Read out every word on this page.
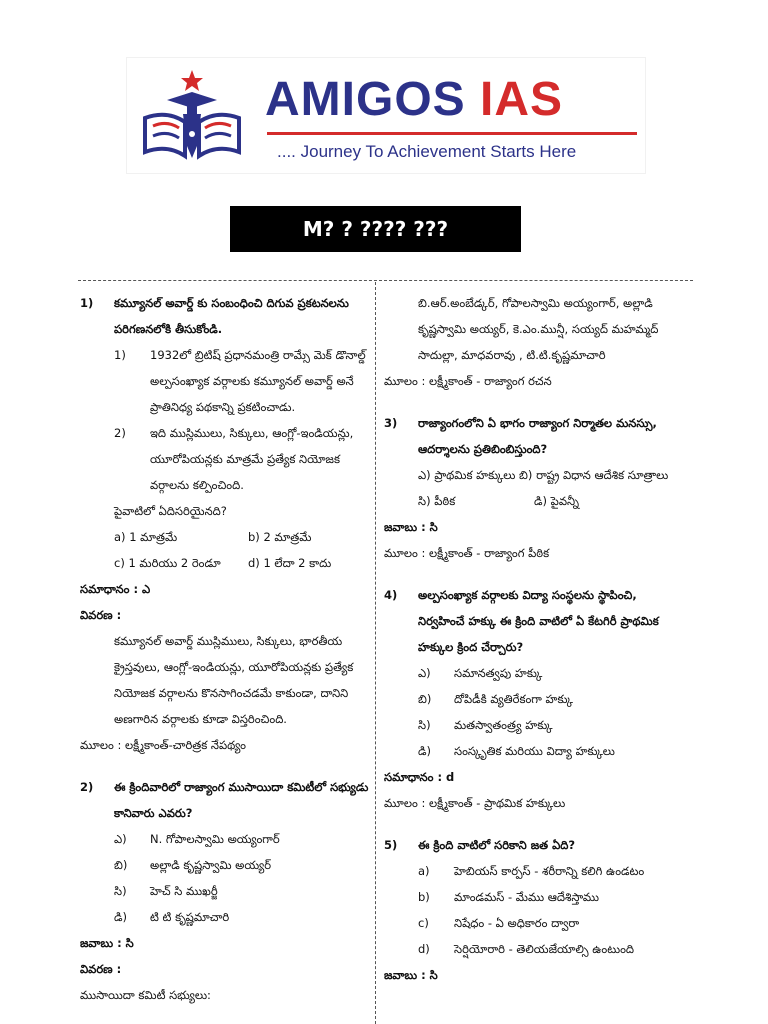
AMIGOS IAS
.... Journey To Achievement Starts Here
M? ? ???? ???
1) కమ్యూనల్ అవార్డ్ కు సంబంధించి దిగువ ప్రకటనలను
పరిగణనలోకి తీసుకోండి.
1) 1932లో బ్రిటిష్ ప్రధానమంత్రి రామ్సే మెక్ డొనాల్డ్
అల్పసంఖ్యాక వర్గాలకు కమ్యూనల్ అవార్డ్ అనే
ప్రాతినిధ్య పథకాన్ని ప్రకటించాడు.
2) ఇది ముస్లిములు, సిక్కులు, ఆంగ్లో-ఇండియన్లు,
యూరోపియన్లకు మాత్రమే ప్రత్యేక నియోజక
వర్గాలను కల్పించింది.
పైవాటిలో ఏదిసరియైనది?
a) 1 మాత్రమే	b) 2 మాత్రమే
c) 1 మరియు 2 రెండూ d) 1 లేదా 2 కాదు
సమాధానం : ఎ
వివరణ :
కమ్యూనల్ అవార్డ్ ముస్లిములు, సిక్కులు, భారతీయ
క్రైస్తవులు, ఆంగ్లో-ఇండియన్లు, యూరోపియన్లకు ప్రత్యేక
నియోజక వర్గాలను కొనసాగించడమే కాకుండా, దానిని
అణగారిన వర్గాలకు కూడా విస్తరించింది.
మూలం : లక్ష్మీకాంత్-చారిత్రక నేపథ్యం
2) ఈ క్రిందివారిలో రాజ్యాంగ ముసాయిదా కమిటీలో సభ్యుడు
కానివారు ఎవరు?
ఎ) N. గోపాలస్వామి అయ్యంగార్
బి) అల్లాడి కృష్ణస్వామి అయ్యర్
సి) హెచ్ సి ముఖర్జీ
డి) టి టి కృష్ణమాచారి
జవాబు : సి
వివరణ :
ముసాయిదా కమిటీ సభ్యులు:
బి.ఆర్.అంబేడ్కర్, గోపాలస్వామి అయ్యంగార్, అల్లాడి
కృష్ణస్వామి అయ్యర్, కె.ఎం.మున్షీ, సయ్యద్ మహమ్మద్
సాదుల్లా, మాధవరావు , టి.టి.కృష్ణమాచారి
మూలం : లక్ష్మీకాంత్ - రాజ్యాంగ రచన
3) రాజ్యాంగంలోని ఏ భాగం రాజ్యాంగ నిర్మాతల మనస్సు,
ఆదర్శాలను ప్రతిబింబిస్తుంది?
ఎ) ప్రాథమిక హక్కులు బి) రాష్ట్ర విధాన ఆదేశిక సూత్రాలు
సి) పీఠిక	డి) పైవన్నీ
జవాబు : సి
మూలం : లక్ష్మీకాంత్ - రాజ్యాంగ పీఠిక
4) అల్పసంఖ్యాక వర్గాలకు విద్యా సంస్థలను స్థాపించి,
నిర్వహించే హక్కు ఈ క్రింది వాటిలో ఏ కేటగిరీ ప్రాథమిక
హక్కుల క్రింద చేర్చారు?
ఎ) సమానత్వపు హక్కు
బి) దోపిడీకి వ్యతిరేకంగా హక్కు
సి) మతస్వాతంత్ర్య హక్కు
డి) సంస్కృతిక మరియు విద్యా హక్కులు
సమాధానం : d
మూలం : లక్ష్మీకాంత్ - ప్రాథమిక హక్కులు
5) ఈ క్రింది వాటిలో సరికాని జత ఏది?
a) హెబియస్ కార్పస్ - శరీరాన్ని కలిగి ఉండటం
b) మాండమస్ - మేము ఆదేశిస్తాము
c) నిషేధం - ఏ అధికారం ద్వారా
d) సెర్షియోరారి - తెలియజేయాల్సి ఉంటుంది
జవాబు : సి
